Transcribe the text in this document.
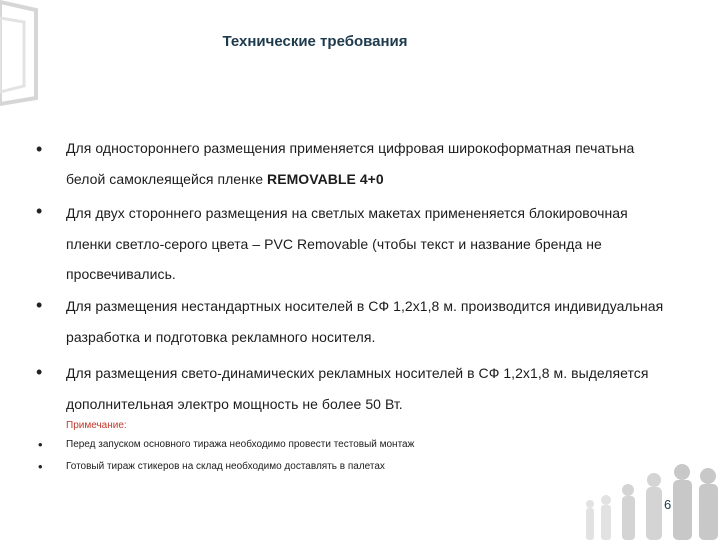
Технические требования
• Для одностороннего размещения применяется цифровая широкоформатная печатьна белой самоклеящейся пленке REMOVABLE 4+0
• Для двух стороннего размещения на светлых макетах примененяется блокировочная пленки светло-серого цвета – PVC Removable (чтобы текст и название бренда не просвечивались.
• Для размещения нестандартных носителей в СФ 1,2х1,8 м. производится индивидуальная разработка и подготовка рекламного носителя.
• Для размещения свето-динамических рекламных носителей в СФ 1,2х1,8 м. выделяется дополнительная электро мощность не более 50 Вт.
Примечание:
• Перед запуском основного тиража необходимо провести тестовый монтаж
• Готовый тираж стикеров на склад необходимо доставлять в палетах
6
